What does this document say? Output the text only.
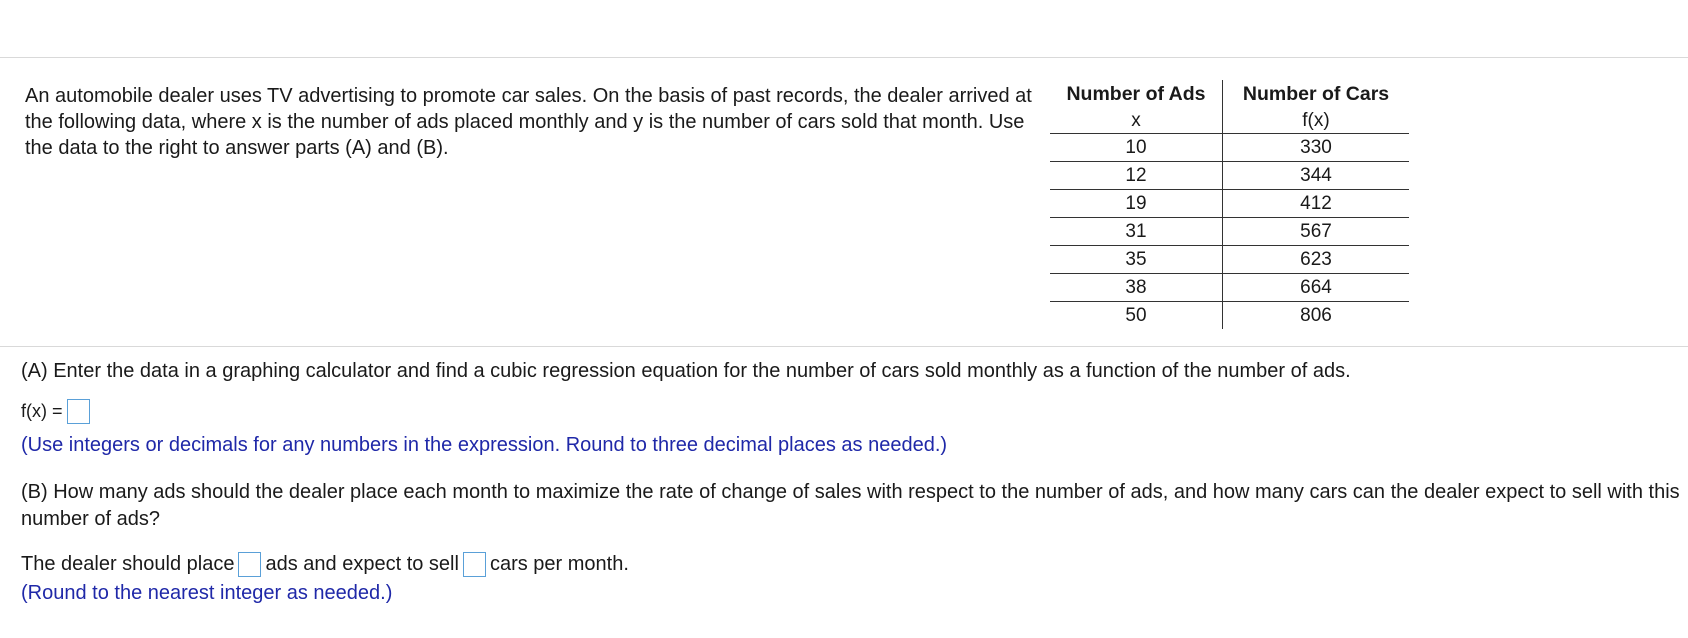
An automobile dealer uses TV advertising to promote car sales. On the basis of past records, the dealer arrived at the following data, where x is the number of ads placed monthly and y is the number of cars sold that month. Use the data to the right to answer parts (A) and (B).
Number of Ads	Number of Cars
x	f(x)
10	330
12	344
19	412
31	567
35	623
38	664
50	806
(A) Enter the data in a graphing calculator and find a cubic regression equation for the number of cars sold monthly as a function of the number of ads.
f(x) =
(Use integers or decimals for any numbers in the expression. Round to three decimal places as needed.)
(B) How many ads should the dealer place each month to maximize the rate of change of sales with respect to the number of ads, and how many cars can the dealer expect to sell with this number of ads?
The dealer should place ads and expect to sell cars per month.
(Round to the nearest integer as needed.)
